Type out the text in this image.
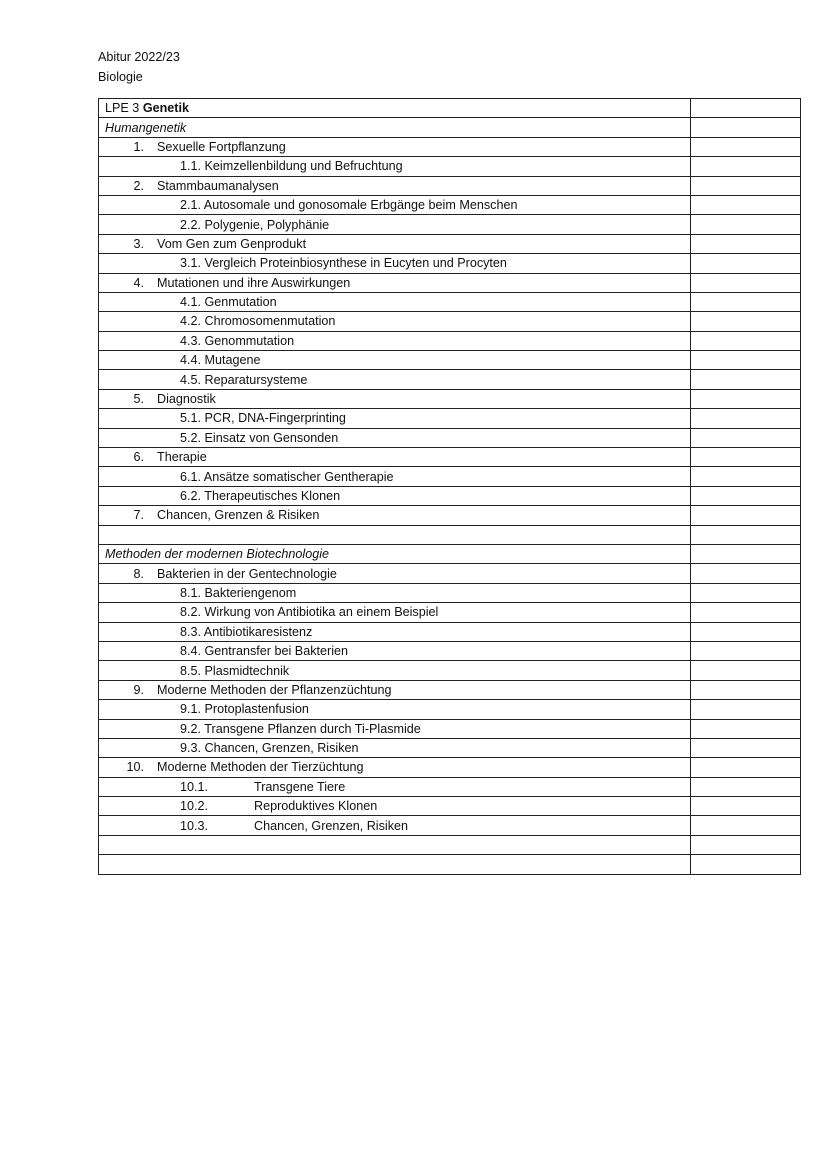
Abitur 2022/23
Biologie
LPE 3 Genetik	

Humangenetik	

1. Sexuelle Fortpflanzung	

1.1. Keimzellenbildung und Befruchtung	

2. Stammbaumanalysen	

2.1. Autosomale und gonosomale Erbgänge beim Menschen	

2.2. Polygenie, Polyphänie	

3. Vom Gen zum Genprodukt	

3.1. Vergleich Proteinbiosynthese in Eucyten und Procyten	

4. Mutationen und ihre Auswirkungen	

4.1. Genmutation	

4.2. Chromosomenmutation	

4.3. Genommutation	

4.4. Mutagene	

4.5. Reparatursysteme	

5. Diagnostik	

5.1. PCR, DNA-Fingerprinting	

5.2. Einsatz von Gensonden	

6. Therapie	

6.1. Ansätze somatischer Gentherapie	

6.2. Therapeutisches Klonen	

7. Chancen, Grenzen & Risiken	

Methoden der modernen Biotechnologie	

8. Bakterien in der Gentechnologie	

8.1. Bakteriengenom	

8.2. Wirkung von Antibiotika an einem Beispiel	

8.3. Antibiotikaresistenz	

8.4. Gentransfer bei Bakterien	

8.5. Plasmidtechnik	

9. Moderne Methoden der Pflanzenzüchtung	

9.1. Protoplastenfusion	

9.2. Transgene Pflanzen durch Ti-Plasmide	

9.3. Chancen, Grenzen, Risiken	

10. Moderne Methoden der Tierzüchtung	

10.1. Transgene Tiere	

10.2. Reproduktives Klonen	

10.3. Chancen, Grenzen, Risiken	
